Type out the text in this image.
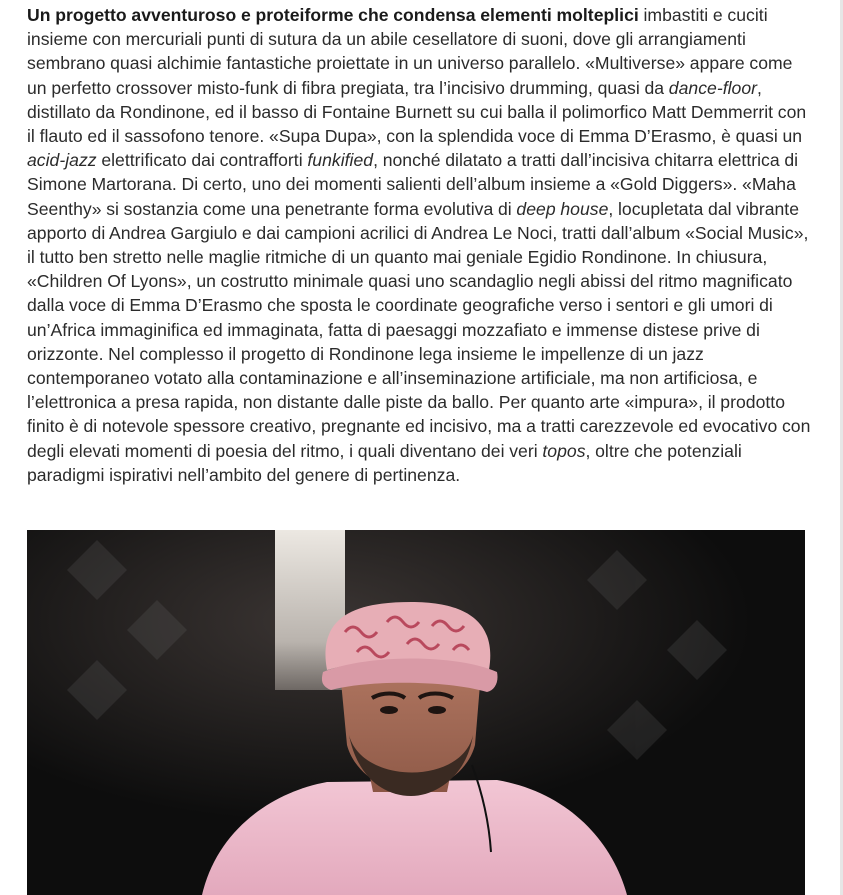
Un progetto avventuroso e proteiforme che condensa elementi molteplici imbastiti e cuciti insieme con mercuriali punti di sutura da un abile cesellatore di suoni, dove gli arrangiamenti sembrano quasi alchimie fantastiche proiettate in un universo parallelo. «Multiverse» appare come un perfetto crossover misto-funk di fibra pregiata, tra l’incisivo drumming, quasi da dance-floor, distillato da Rondinone, ed il basso di Fontaine Burnett su cui balla il polimorfico Matt Demmerrit con il flauto ed il sassofono tenore. «Supa Dupa», con la splendida voce di Emma D’Erasmo, è quasi un acid-jazz elettrificato dai contrafforti funkified, nonché dilatato a tratti dall’incisiva chitarra elettrica di Simone Martorana. Di certo, uno dei momenti salienti dell’album insieme a «Gold Diggers». «Maha Seenthy» si sostanzia come una penetrante forma evolutiva di deep house, locupletata dal vibrante apporto di Andrea Gargiulo e dai campioni acrilici di Andrea Le Noci, tratti dall’album «Social Music», il tutto ben stretto nelle maglie ritmiche di un quanto mai geniale Egidio Rondinone. In chiusura, «Children Of Lyons», un costrutto minimale quasi uno scandaglio negli abissi del ritmo magnificato dalla voce di Emma D’Erasmo che sposta le coordinate geografiche verso i sentori e gli umori di un’Africa immaginifica ed immaginata, fatta di paesaggi mozzafiato e immense distese prive di orizzonte. Nel complesso il progetto di Rondinone lega insieme le impellenze di un jazz contemporaneo votato alla contaminazione e all’inseminazione artificiale, ma non artificiosa, e l’elettronica a presa rapida, non distante dalle piste da ballo. Per quanto arte «impura», il prodotto finito è di notevole spessore creativo, pregnante ed incisivo, ma a tratti carezzevole ed evocativo con degli elevati momenti di poesia del ritmo, i quali diventano dei veri topos, oltre che potenziali paradigmi ispirativi nell’ambito del genere di pertinenza.
